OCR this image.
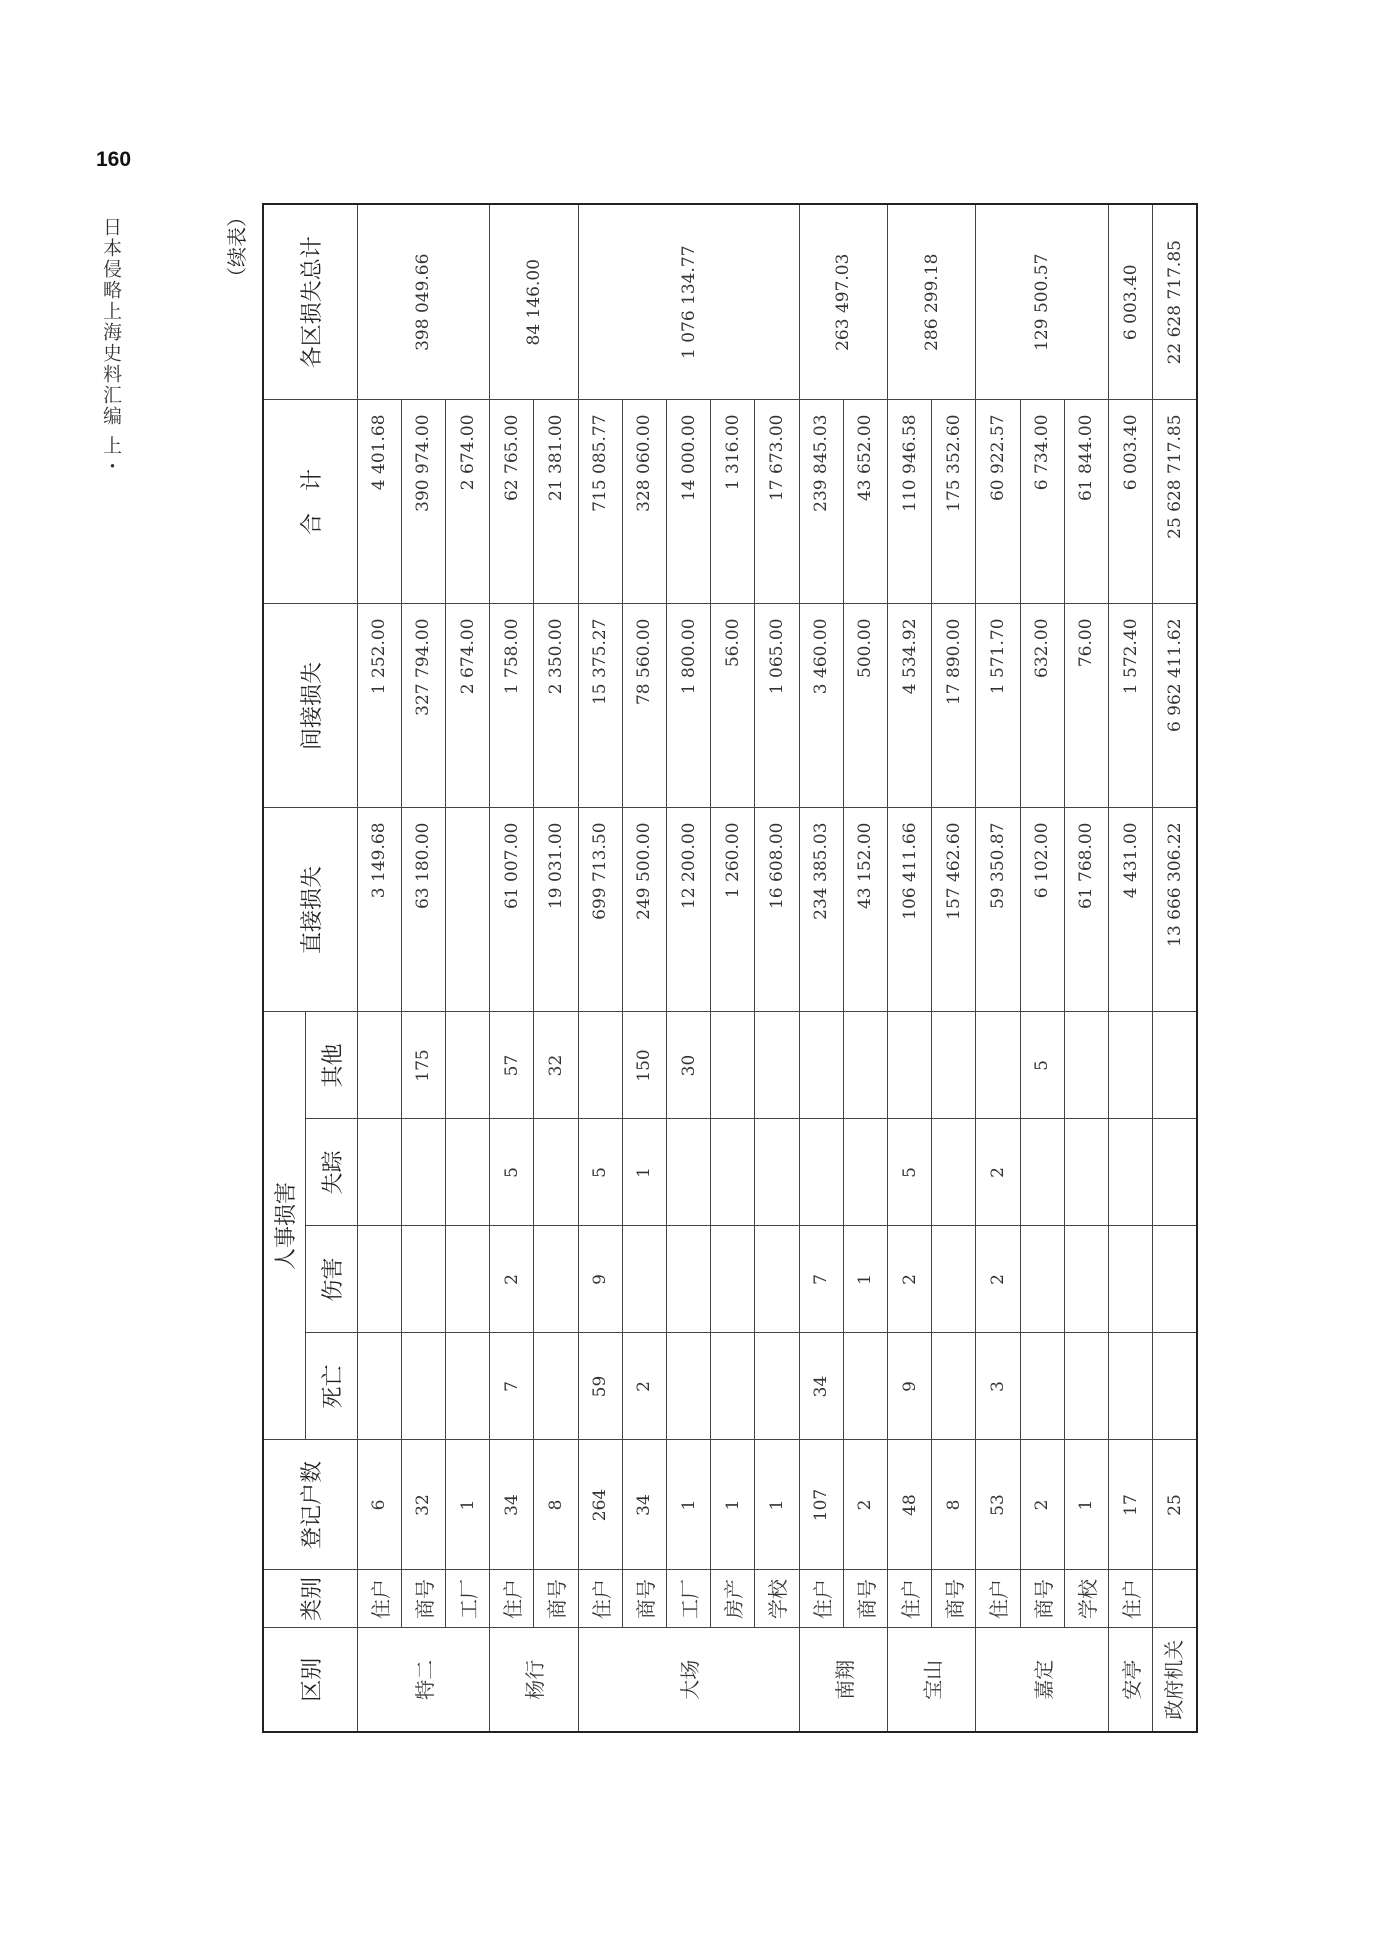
160
日本侵略上海史料汇编 上・	（续表）
区别	类别	登记户数	人事损害				直接损失	间接损失	合　计	各区损失总计
			死亡	伤害	失踪	其他				
特二	住户	6					3 149.68	1 252.00	4 401.68	398 049.66
	商号	32				175	63 180.00	327 794.00	390 974.00	
	工厂	1						2 674.00	2 674.00	
杨行	住户	34	7	2	5	57	61 007.00	1 758.00	62 765.00	84 146.00
	商号	8				32	19 031.00	2 350.00	21 381.00	
大场	住户	264	59	9	5		699 713.50	15 375.27	715 085.77	1 076 134.77
	商号	34	2		1	150	249 500.00	78 560.00	328 060.00	
	工厂	1				30	12 200.00	1 800.00	14 000.00	
	房产	1					1 260.00	56.00	1 316.00	
	学校	1					16 608.00	1 065.00	17 673.00	
南翔	住户	107	34	7			234 385.03	3 460.00	239 845.03	263 497.03
	商号	2		1			43 152.00	500.00	43 652.00	
宝山	住户	48	9	2	5		106 411.66	4 534.92	110 946.58	286 299.18
	商号	8					157 462.60	17 890.00	175 352.60	
嘉定	住户	53	3	2	2		59 350.87	1 571.70	60 922.57	129 500.57
	商号	2				5	6 102.00	632.00	6 734.00	
	学校	1					61 768.00	76.00	61 844.00	
安亭	住户	17					4 431.00	1 572.40	6 003.40	6 003.40
政府机关		25					13 666 306.22	6 962 411.62	25 628 717.85	22 628 717.85
